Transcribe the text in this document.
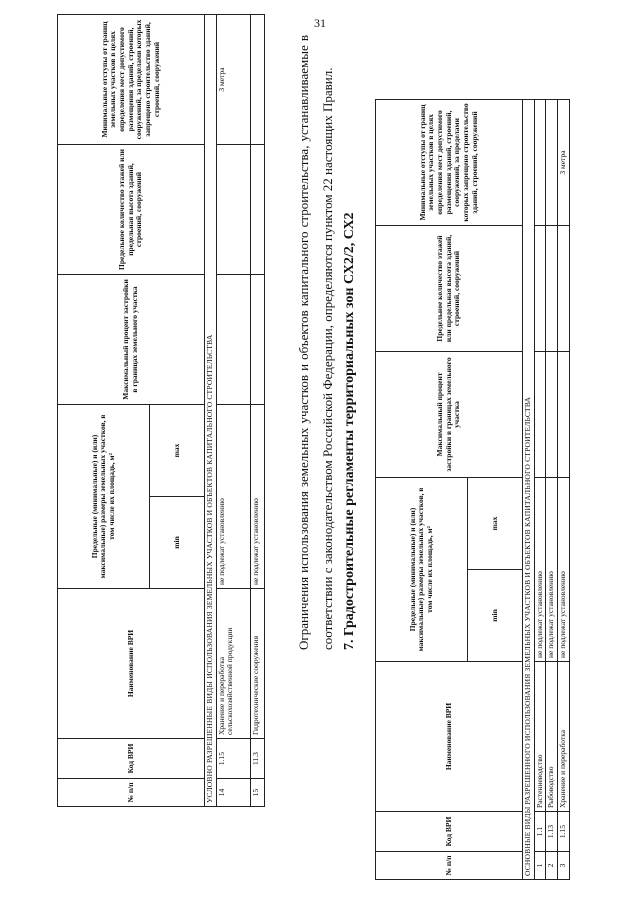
31
№ п/п	Код ВРИ	Наименование ВРИ	Предельные (минимальные) и (или) максимальные) размеры земельных участков, в том числе их площадь, м²		Максимальный процент застройки в границах земельного участка	Предельное количество этажей или предельная высота зданий, строений, сооружений	Минимальные отступы от границ земельных участков в целях определения мест допустимого размещения зданий, строений, сооружений, за пределами которых запрещено строительство зданий, строений, сооружений
			min	max			
УСЛОВНО РАЗРЕШЕННЫЕ ВИДЫ ИСПОЛЬЗОВАНИЯ ЗЕМЕЛЬНЫХ УЧАСТКОВ И ОБЪЕКТОВ КАПИТАЛЬНОГО СТРОИТЕЛЬСТВА							
14	1.15	Хранение и переработка сельскохозяйственной продукции	не подлежат установлению				3 метра
15	11.3	Гидротехнические сооружения	не подлежат установлению					Ограничения использования земельных участков и объектов капитального строительства, устанавливаемые в соответствии с законодательством Российской Федерации, определяются пунктом 22 настоящих Правил. 7. Градостроительные регламенты территориальных зон СХ2/2, СХ2
№ п/п	Код ВРИ	Наименование ВРИ	Предельные (минимальные) и (или) максимальные) размеры земельных участков, в том числе их площадь, м²		Максимальный процент застройки в границах земельного участка	Предельное количество этажей или предельная высота зданий, строений, сооружений	Минимальные отступы от границ земельных участков в целях определения мест допустимого размещения зданий, строений, сооружений, за пределами которых запрещено строительство зданий, строений, сооружений
			min	max			
ОСНОВНЫЕ ВИДЫ РАЗРЕШЕННОГО ИСПОЛЬЗОВАНИЯ ЗЕМЕЛЬНЫХ УЧАСТКОВ И ОБЪЕКТОВ КАПИТАЛЬНОГО СТРОИТЕЛЬСТВА							
1	1.1	Растениеводство	не подлежат установлению				
2	1.13	Рыбоводство	не подлежат установлению				
3	1.15	Хранение и переработка	не подлежат установлению				3 метра
